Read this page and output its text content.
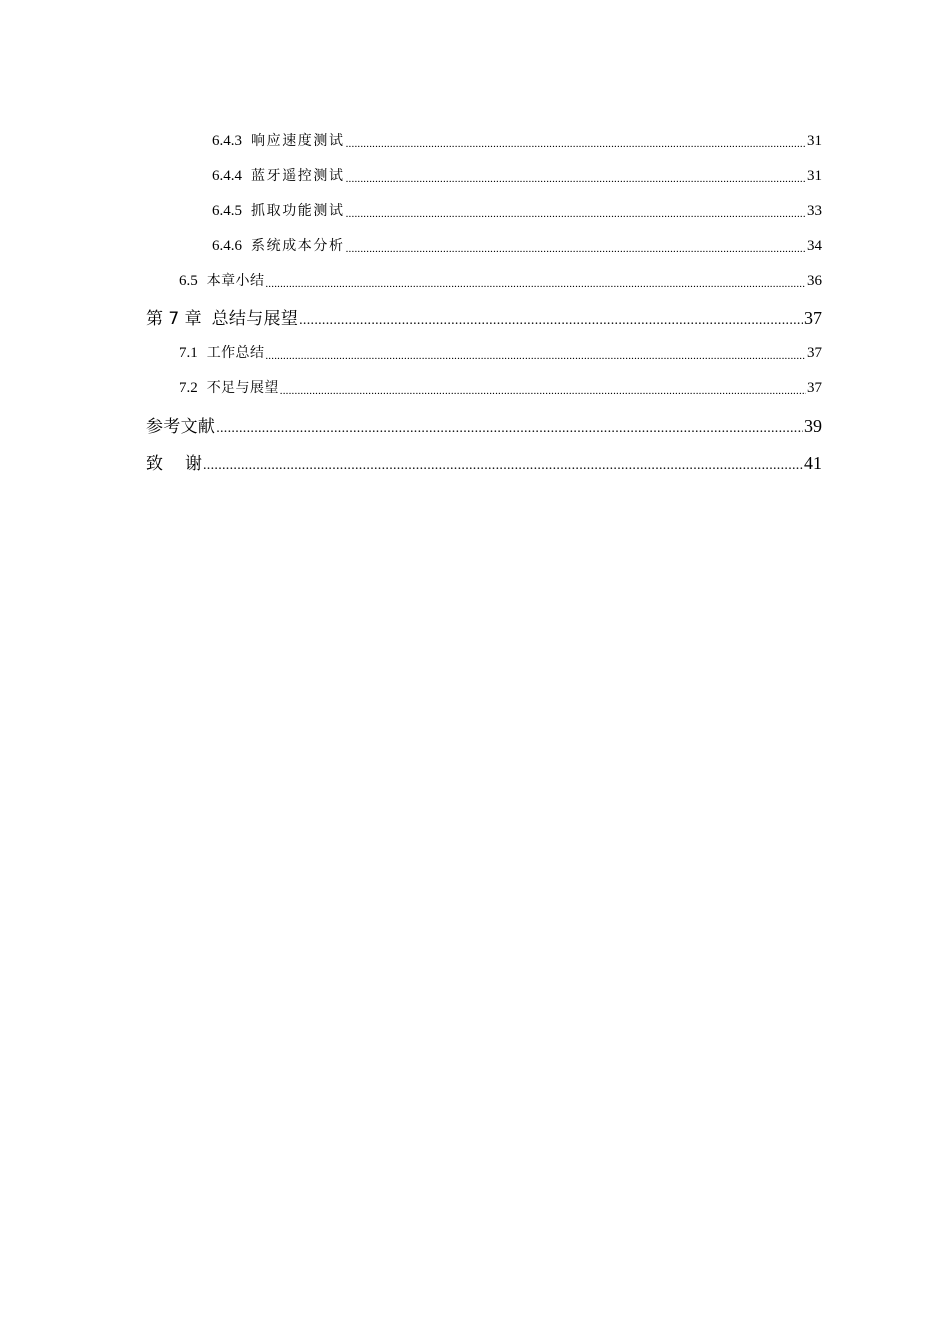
6.4.3 响应速度测试 .....	31
6.4.4 蓝牙遥控测试 .....	31
6.4.5 抓取功能测试 .....	33
6.4.6 系统成本分析 .....	34
6.5 本章小结 .....	36
第 7 章 总结与展望 .....	37
7.1 工作总结 .....	37
7.2 不足与展望 .....	37
参考文献 .....	39
致谢 .....	41
